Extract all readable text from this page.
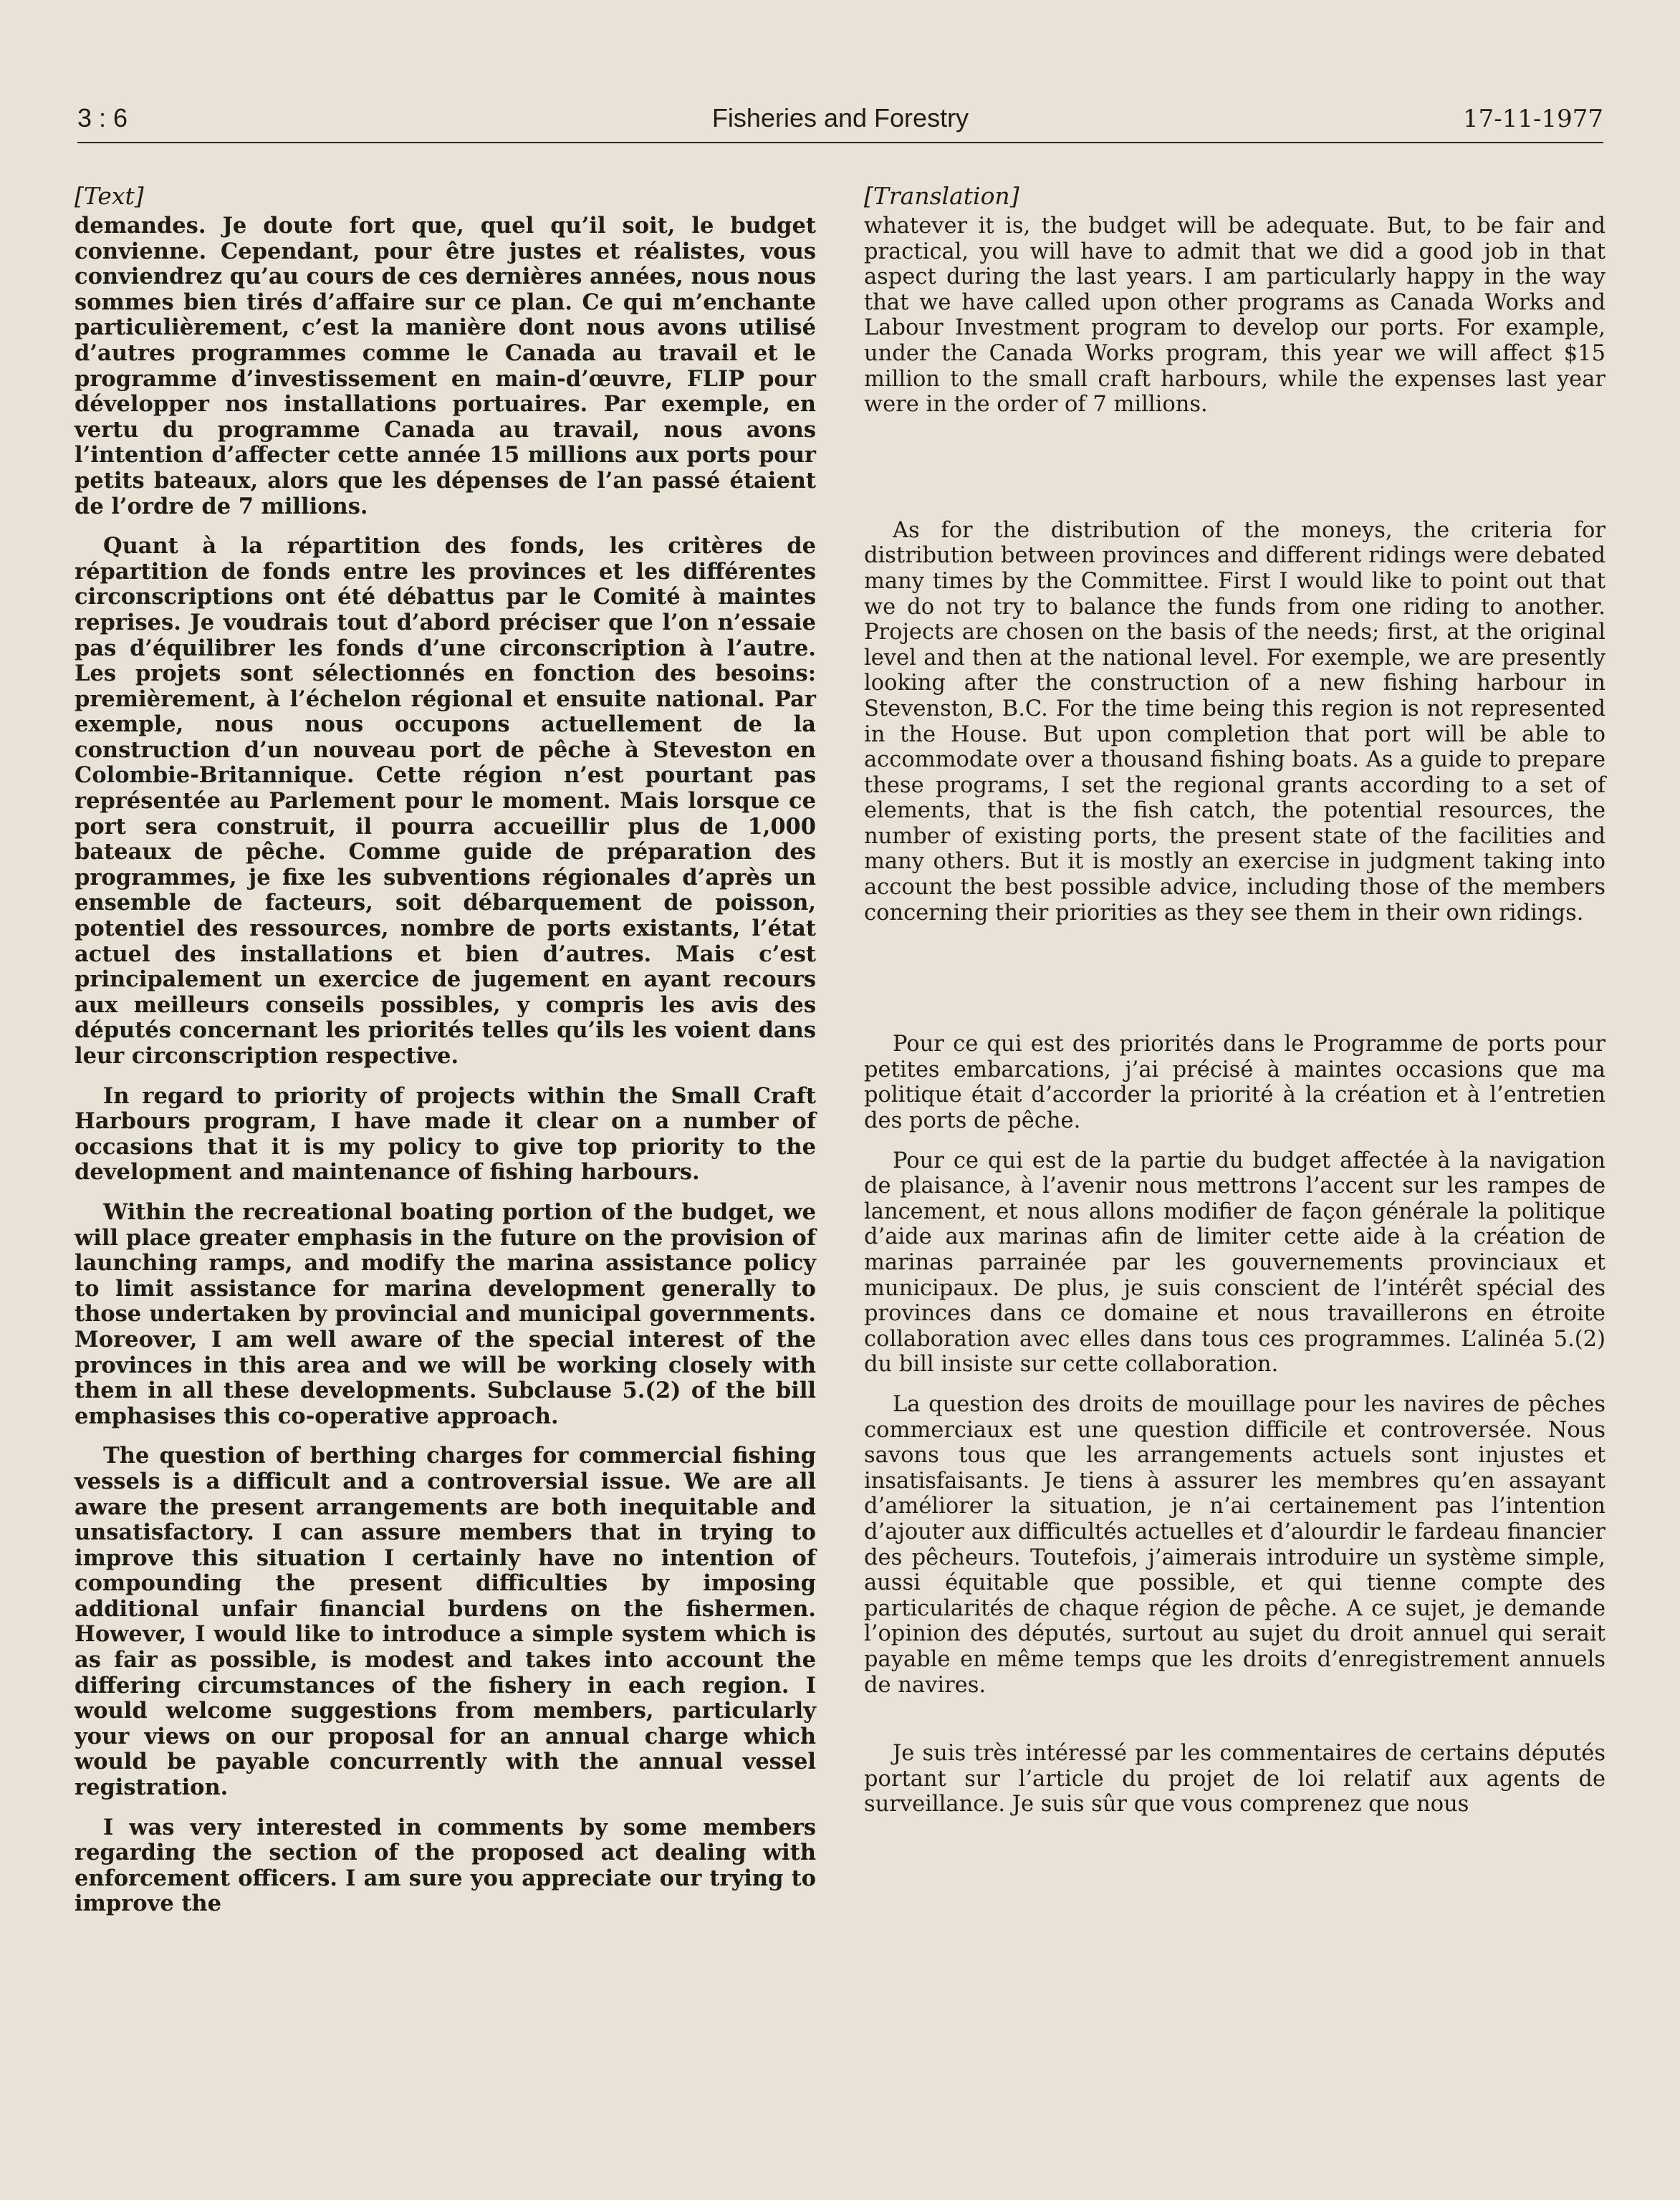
3 : 6	Fisheries and Forestry	17-11-1977
[Text]

demandes. Je doute fort que, quel qu’il soit, le budget convienne. Cependant, pour être justes et réalistes, vous conviendrez qu’au cours de ces dernières années, nous nous sommes bien tirés d’affaire sur ce plan. Ce qui m’enchante particulièrement, c’est la manière dont nous avons utilisé d’autres programmes comme le Canada au travail et le programme d’investissement en main-d’œuvre, FLIP pour développer nos installations portuaires. Par exemple, en vertu du programme Canada au travail, nous avons l’intention d’affecter cette année 15 millions aux ports pour petits bateaux, alors que les dépenses de l’an passé étaient de l’ordre de 7 millions.

Quant à la répartition des fonds, les critères de répartition de fonds entre les provinces et les différentes circonscriptions ont été débattus par le Comité à maintes reprises. Je voudrais tout d’abord préciser que l’on n’essaie pas d’équilibrer les fonds d’une circonscription à l’autre. Les projets sont sélectionnés en fonction des besoins: premièrement, à l’échelon régional et ensuite national. Par exemple, nous nous occupons actuellement de la construction d’un nouveau port de pêche à Steveston en Colombie-Britannique. Cette région n’est pourtant pas représentée au Parlement pour le moment. Mais lorsque ce port sera construit, il pourra accueillir plus de 1,000 bateaux de pêche. Comme guide de préparation des programmes, je fixe les subventions régionales d’après un ensemble de facteurs, soit débarquement de poisson, potentiel des ressources, nombre de ports existants, l’état actuel des installations et bien d’autres. Mais c’est principalement un exercice de jugement en ayant recours aux meilleurs conseils possibles, y compris les avis des députés concernant les priorités telles qu’ils les voient dans leur circonscription respective.

In regard to priority of projects within the Small Craft Harbours program, I have made it clear on a number of occasions that it is my policy to give top priority to the development and maintenance of fishing harbours.

Within the recreational boating portion of the budget, we will place greater emphasis in the future on the provision of launching ramps, and modify the marina assistance policy to limit assistance for marina development generally to those undertaken by provincial and municipal governments. Moreover, I am well aware of the special interest of the provinces in this area and we will be working closely with them in all these developments. Subclause 5.(2) of the bill emphasises this co-operative approach.

The question of berthing charges for commercial fishing vessels is a difficult and a controversial issue. We are all aware the present arrangements are both inequitable and unsatisfactory. I can assure members that in trying to improve this situation I certainly have no intention of compounding the present difficulties by imposing additional unfair financial burdens on the fishermen. However, I would like to introduce a simple system which is as fair as possible, is modest and takes into account the differing circumstances of the fishery in each region. I would welcome suggestions from members, particularly your views on our proposal for an annual charge which would be payable concurrently with the annual vessel registration.

I was very interested in comments by some members regarding the section of the proposed act dealing with enforcement officers. I am sure you appreciate our trying to improve the

[Translation]

whatever it is, the budget will be adequate. But, to be fair and practical, you will have to admit that we did a good job in that aspect during the last years. I am particularly happy in the way that we have called upon other programs as Canada Works and Labour Investment program to develop our ports. For example, under the Canada Works program, this year we will affect $15 million to the small craft harbours, while the expenses last year were in the order of 7 millions.

As for the distribution of the moneys, the criteria for distribution between provinces and different ridings were debated many times by the Committee. First I would like to point out that we do not try to balance the funds from one riding to another. Projects are chosen on the basis of the needs; first, at the original level and then at the national level. For exemple, we are presently looking after the construction of a new fishing harbour in Stevenston, B.C. For the time being this region is not represented in the House. But upon completion that port will be able to accommodate over a thousand fishing boats. As a guide to prepare these programs, I set the regional grants according to a set of elements, that is the fish catch, the potential resources, the number of existing ports, the present state of the facilities and many others. But it is mostly an exercise in judgment taking into account the best possible advice, including those of the members concerning their priorities as they see them in their own ridings.

Pour ce qui est des priorités dans le Programme de ports pour petites embarcations, j’ai précisé à maintes occasions que ma politique était d’accorder la priorité à la création et à l’entretien des ports de pêche.

Pour ce qui est de la partie du budget affectée à la navigation de plaisance, à l’avenir nous mettrons l’accent sur les rampes de lancement, et nous allons modifier de façon générale la politique d’aide aux marinas afin de limiter cette aide à la création de marinas parrainée par les gouvernements provinciaux et municipaux. De plus, je suis conscient de l’intérêt spécial des provinces dans ce domaine et nous travaillerons en étroite collaboration avec elles dans tous ces programmes. L’alinéa 5.(2) du bill insiste sur cette collaboration.

La question des droits de mouillage pour les navires de pêches commerciaux est une question difficile et controversée. Nous savons tous que les arrangements actuels sont injustes et insatisfaisants. Je tiens à assurer les membres qu’en assayant d’améliorer la situation, je n’ai certainement pas l’intention d’ajouter aux difficultés actuelles et d’alourdir le fardeau financier des pêcheurs. Toutefois, j’aimerais introduire un système simple, aussi équitable que possible, et qui tienne compte des particularités de chaque région de pêche. A ce sujet, je demande l’opinion des députés, surtout au sujet du droit annuel qui serait payable en même temps que les droits d’enregistrement annuels de navires.

Je suis très intéressé par les commentaires de certains députés portant sur l’article du projet de loi relatif aux agents de surveillance. Je suis sûr que vous comprenez que nous
